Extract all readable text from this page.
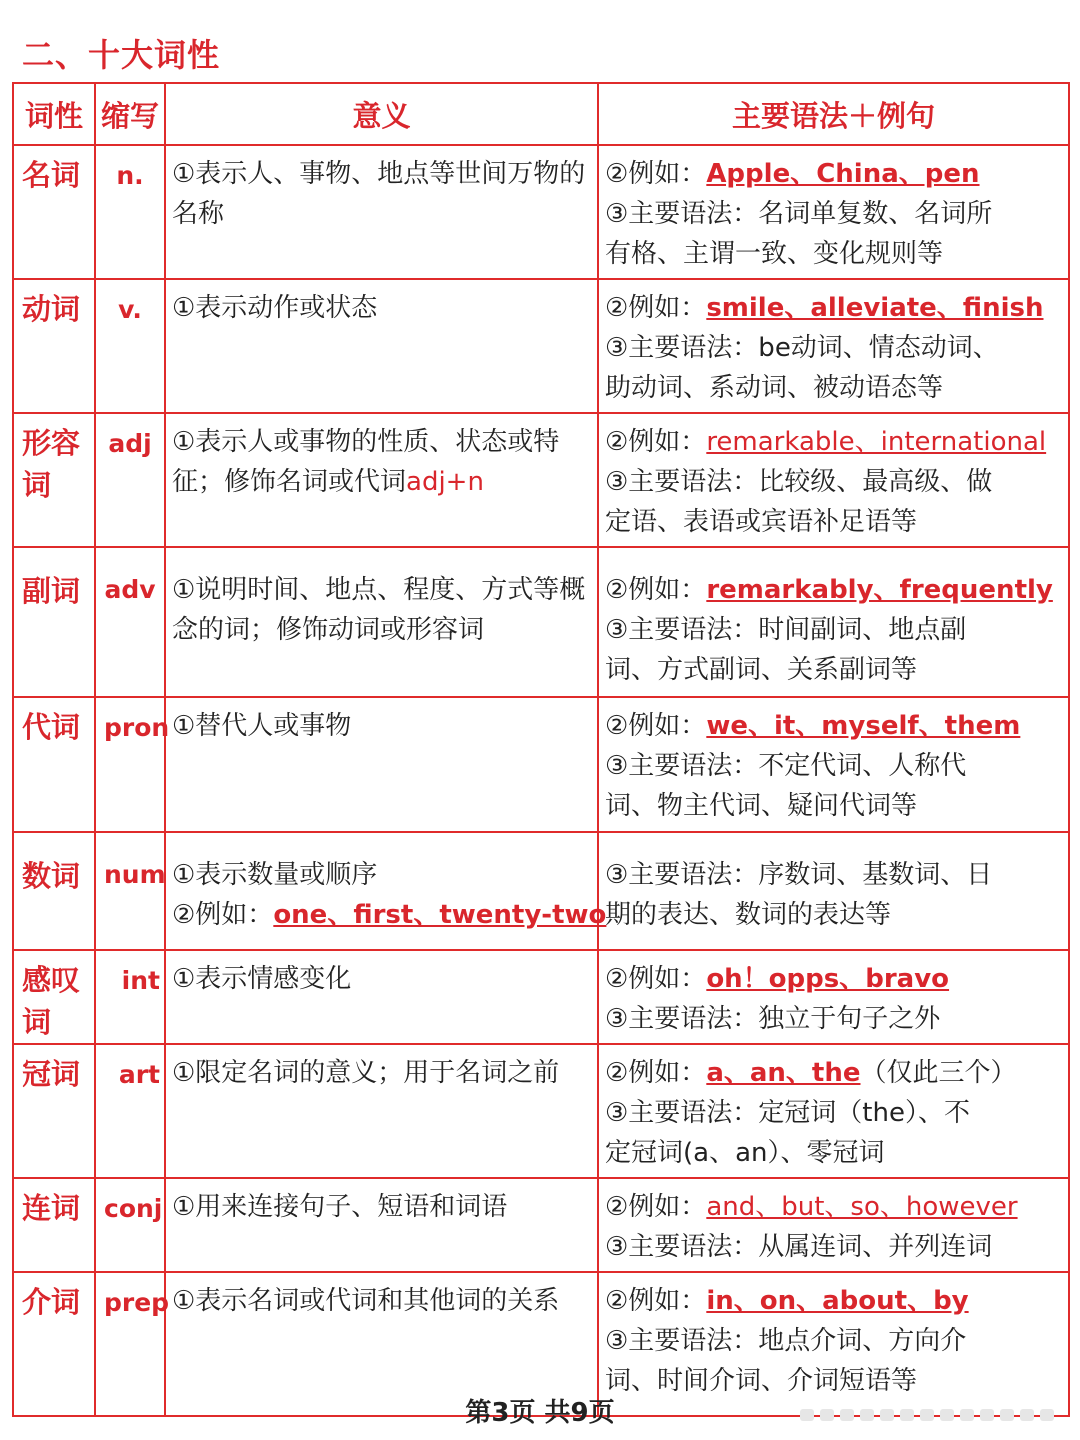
二、十大词性
词性	缩写	意义	主要语法＋例句
名词	n.	①表示人、事物、地点等世间万物的名称	②例如：Apple、China、pen
③主要语法：名词单复数、名词所
有格、主谓一致、变化规则等

动词	v.	①表示动作或状态	②例如：smile、alleviate、finish
③主要语法：be动词、情态动词、
助动词、系动词、被动语态等

形容词	adj	①表示人或事物的性质、状态或特征；修饰名词或代词adj+n	②例如：remarkable、international
③主要语法：比较级、最高级、做
定语、表语或宾语补足语等

副词	adv	①说明时间、地点、程度、方式等概念的词；修饰动词或形容词	②例如：remarkably、frequently
③主要语法：时间副词、地点副
词、方式副词、关系副词等

代词	pron	①替代人或事物	②例如：we、it、myself、them
③主要语法：不定代词、人称代
词、物主代词、疑问代词等

数词	num	①表示数量或顺序
②例如：one、first、twenty-two	③主要语法：序数词、基数词、日
期的表达、数词的表达等

感叹词	int	①表示情感变化	②例如：oh！opps、bravo
③主要语法：独立于句子之外

冠词	art	①限定名词的意义；用于名词之前	②例如：a、an、the（仅此三个）
③主要语法：定冠词（the）、不
定冠词(a、an）、零冠词

连词	conj	①用来连接句子、短语和词语	②例如：and、but、so、however
③主要语法：从属连词、并列连词

介词	prep	①表示名词或代词和其他词的关系	②例如：in、on、about、by
③主要语法：地点介词、方向介
词、时间介词、介词短语等
第3页 共9页
